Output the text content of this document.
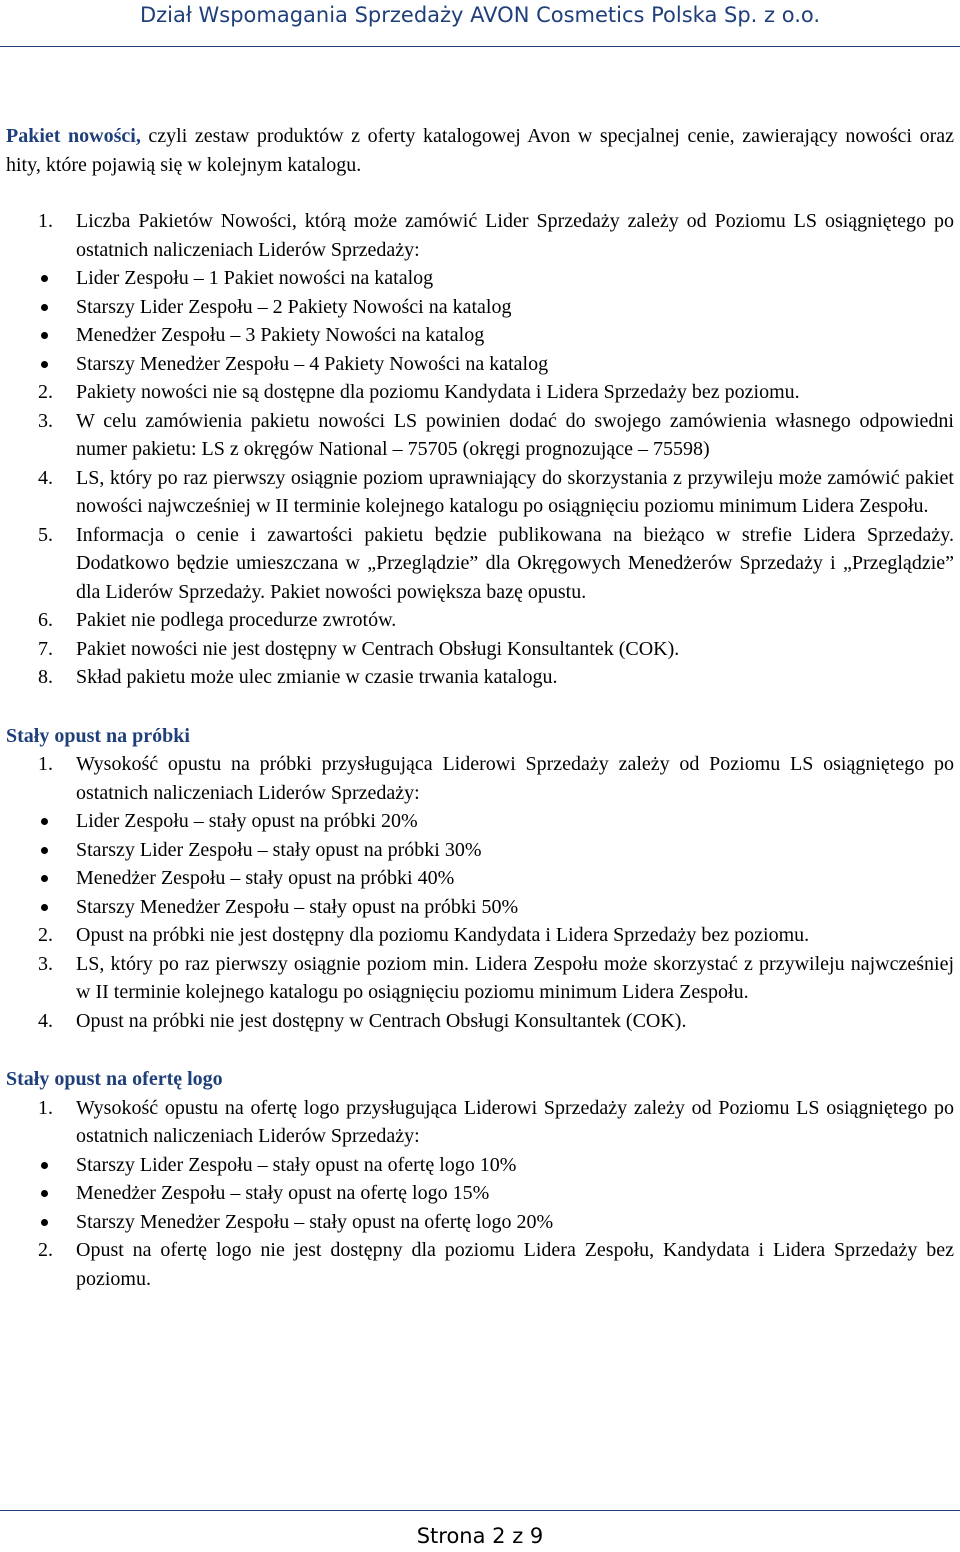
Dział Wspomagania Sprzedaży AVON Cosmetics Polska Sp. z o.o.

Pakiet nowości, czyli zestaw produktów z oferty katalogowej Avon w specjalnej cenie, zawierający nowości oraz hity, które pojawią się w kolejnym katalogu.

1. Liczba Pakietów Nowości, którą może zamówić Lider Sprzedaży zależy od Poziomu LS osiągniętego po ostatnich naliczeniach Liderów Sprzedaży:
Lider Zespołu – 1 Pakiet nowości na katalog
Starszy Lider Zespołu – 2 Pakiety Nowości na katalog
Menedżer Zespołu – 3 Pakiety Nowości na katalog
Starszy Menedżer Zespołu – 4 Pakiety Nowości na katalog
2. Pakiety nowości nie są dostępne dla poziomu Kandydata i Lidera Sprzedaży bez poziomu.
3. W celu zamówienia pakietu nowości LS powinien dodać do swojego zamówienia własnego odpowiedni numer pakietu: LS z okręgów National – 75705 (okręgi prognozujące – 75598)
4. LS, który po raz pierwszy osiągnie poziom uprawniający do skorzystania z przywileju może zamówić pakiet nowości najwcześniej w II terminie kolejnego katalogu po osiągnięciu poziomu minimum Lidera Zespołu.
5. Informacja o cenie i zawartości pakietu będzie publikowana na bieżąco w strefie Lidera Sprzedaży. Dodatkowo będzie umieszczana w „Przeglądzie” dla Okręgowych Menedżerów Sprzedaży i „Przeglądzie” dla Liderów Sprzedaży. Pakiet nowości powiększa bazę opustu.
6. Pakiet nie podlega procedurze zwrotów.
7. Pakiet nowości nie jest dostępny w Centrach Obsługi Konsultantek (COK).
8. Skład pakietu może ulec zmianie w czasie trwania katalogu.
Stały opust na próbki
1. Wysokość opustu na próbki przysługująca Liderowi Sprzedaży zależy od Poziomu LS osiągniętego po ostatnich naliczeniach Liderów Sprzedaży:
Lider Zespołu – stały opust na próbki 20%
Starszy Lider Zespołu – stały opust na próbki 30%
Menedżer Zespołu – stały opust na próbki 40%
Starszy Menedżer Zespołu – stały opust na próbki 50%
2. Opust na próbki nie jest dostępny dla poziomu Kandydata i Lidera Sprzedaży bez poziomu.
3. LS, który po raz pierwszy osiągnie poziom min. Lidera Zespołu może skorzystać z przywileju najwcześniej w II terminie kolejnego katalogu po osiągnięciu poziomu minimum Lidera Zespołu.
4. Opust na próbki nie jest dostępny w Centrach Obsługi Konsultantek (COK).
Stały opust na ofertę logo
1. Wysokość opustu na ofertę logo przysługująca Liderowi Sprzedaży zależy od Poziomu LS osiągniętego po ostatnich naliczeniach Liderów Sprzedaży:
Starszy Lider Zespołu – stały opust na ofertę logo 10%
Menedżer Zespołu – stały opust na ofertę logo 15%
Starszy Menedżer Zespołu – stały opust na ofertę logo 20%
2. Opust na ofertę logo nie jest dostępny dla poziomu Lidera Zespołu, Kandydata i Lidera Sprzedaży bez poziomu.
Strona 2 z 9
